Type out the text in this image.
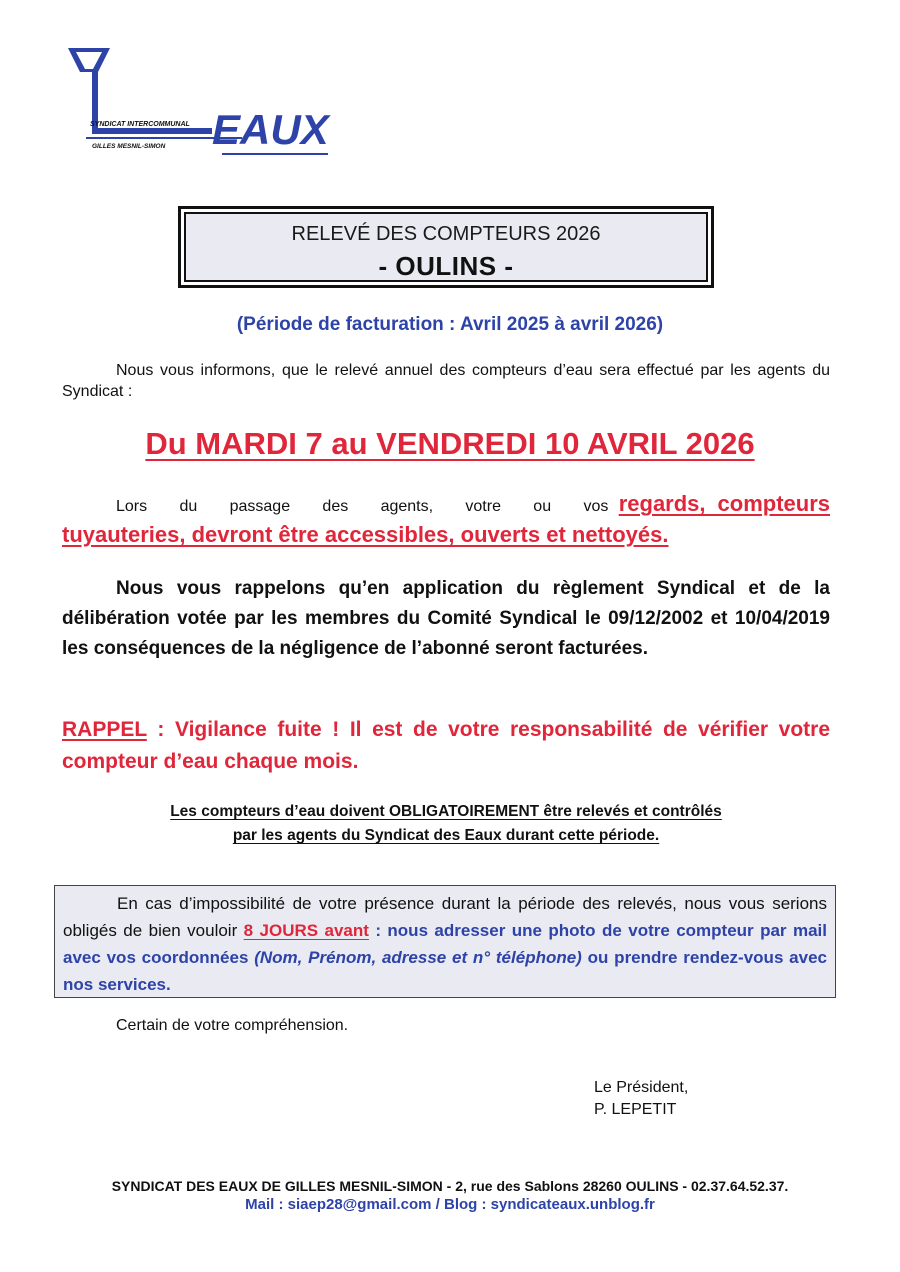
SYNDICAT INTERCOMMUNAL
GILLES MESNIL-SIMON EAUX
RELEVÉ DES COMPTEURS 2026
- OULINS -
(Période de facturation : Avril 2025 à avril 2026)
Nous vous informons, que le relevé annuel des compteurs d’eau sera effectué par les agents du Syndicat :
Du MARDI 7 au VENDREDI 10 AVRIL 2026
Lors du passage des agents, votre ou vos regards, compteurs
tuyauteries, devront être accessibles, ouverts et nettoyés.
Nous vous rappelons qu’en application du règlement Syndical et de la délibération votée par les membres du Comité Syndical le 09/12/2002 et 10/04/2019 les conséquences de la négligence de l’abonné seront facturées.
RAPPEL : Vigilance fuite ! Il est de votre responsabilité de vérifier votre compteur d’eau chaque mois.
Les compteurs d’eau doivent OBLIGATOIREMENT être relevés et contrôlés
par les agents du Syndicat des Eaux durant cette période.
En cas d’impossibilité de votre présence durant la période des relevés, nous vous serions obligés de bien vouloir 8 JOURS avant : nous adresser une photo de votre compteur par mail avec vos coordonnées (Nom, Prénom, adresse et n° téléphone) ou prendre rendez-vous avec nos services.
Certain de votre compréhension.
Le Président,
P. LEPETIT
SYNDICAT DES EAUX DE GILLES MESNIL-SIMON - 2, rue des Sablons 28260 OULINS - 02.37.64.52.37.
Mail : siaep28@gmail.com / Blog : syndicateaux.unblog.fr
